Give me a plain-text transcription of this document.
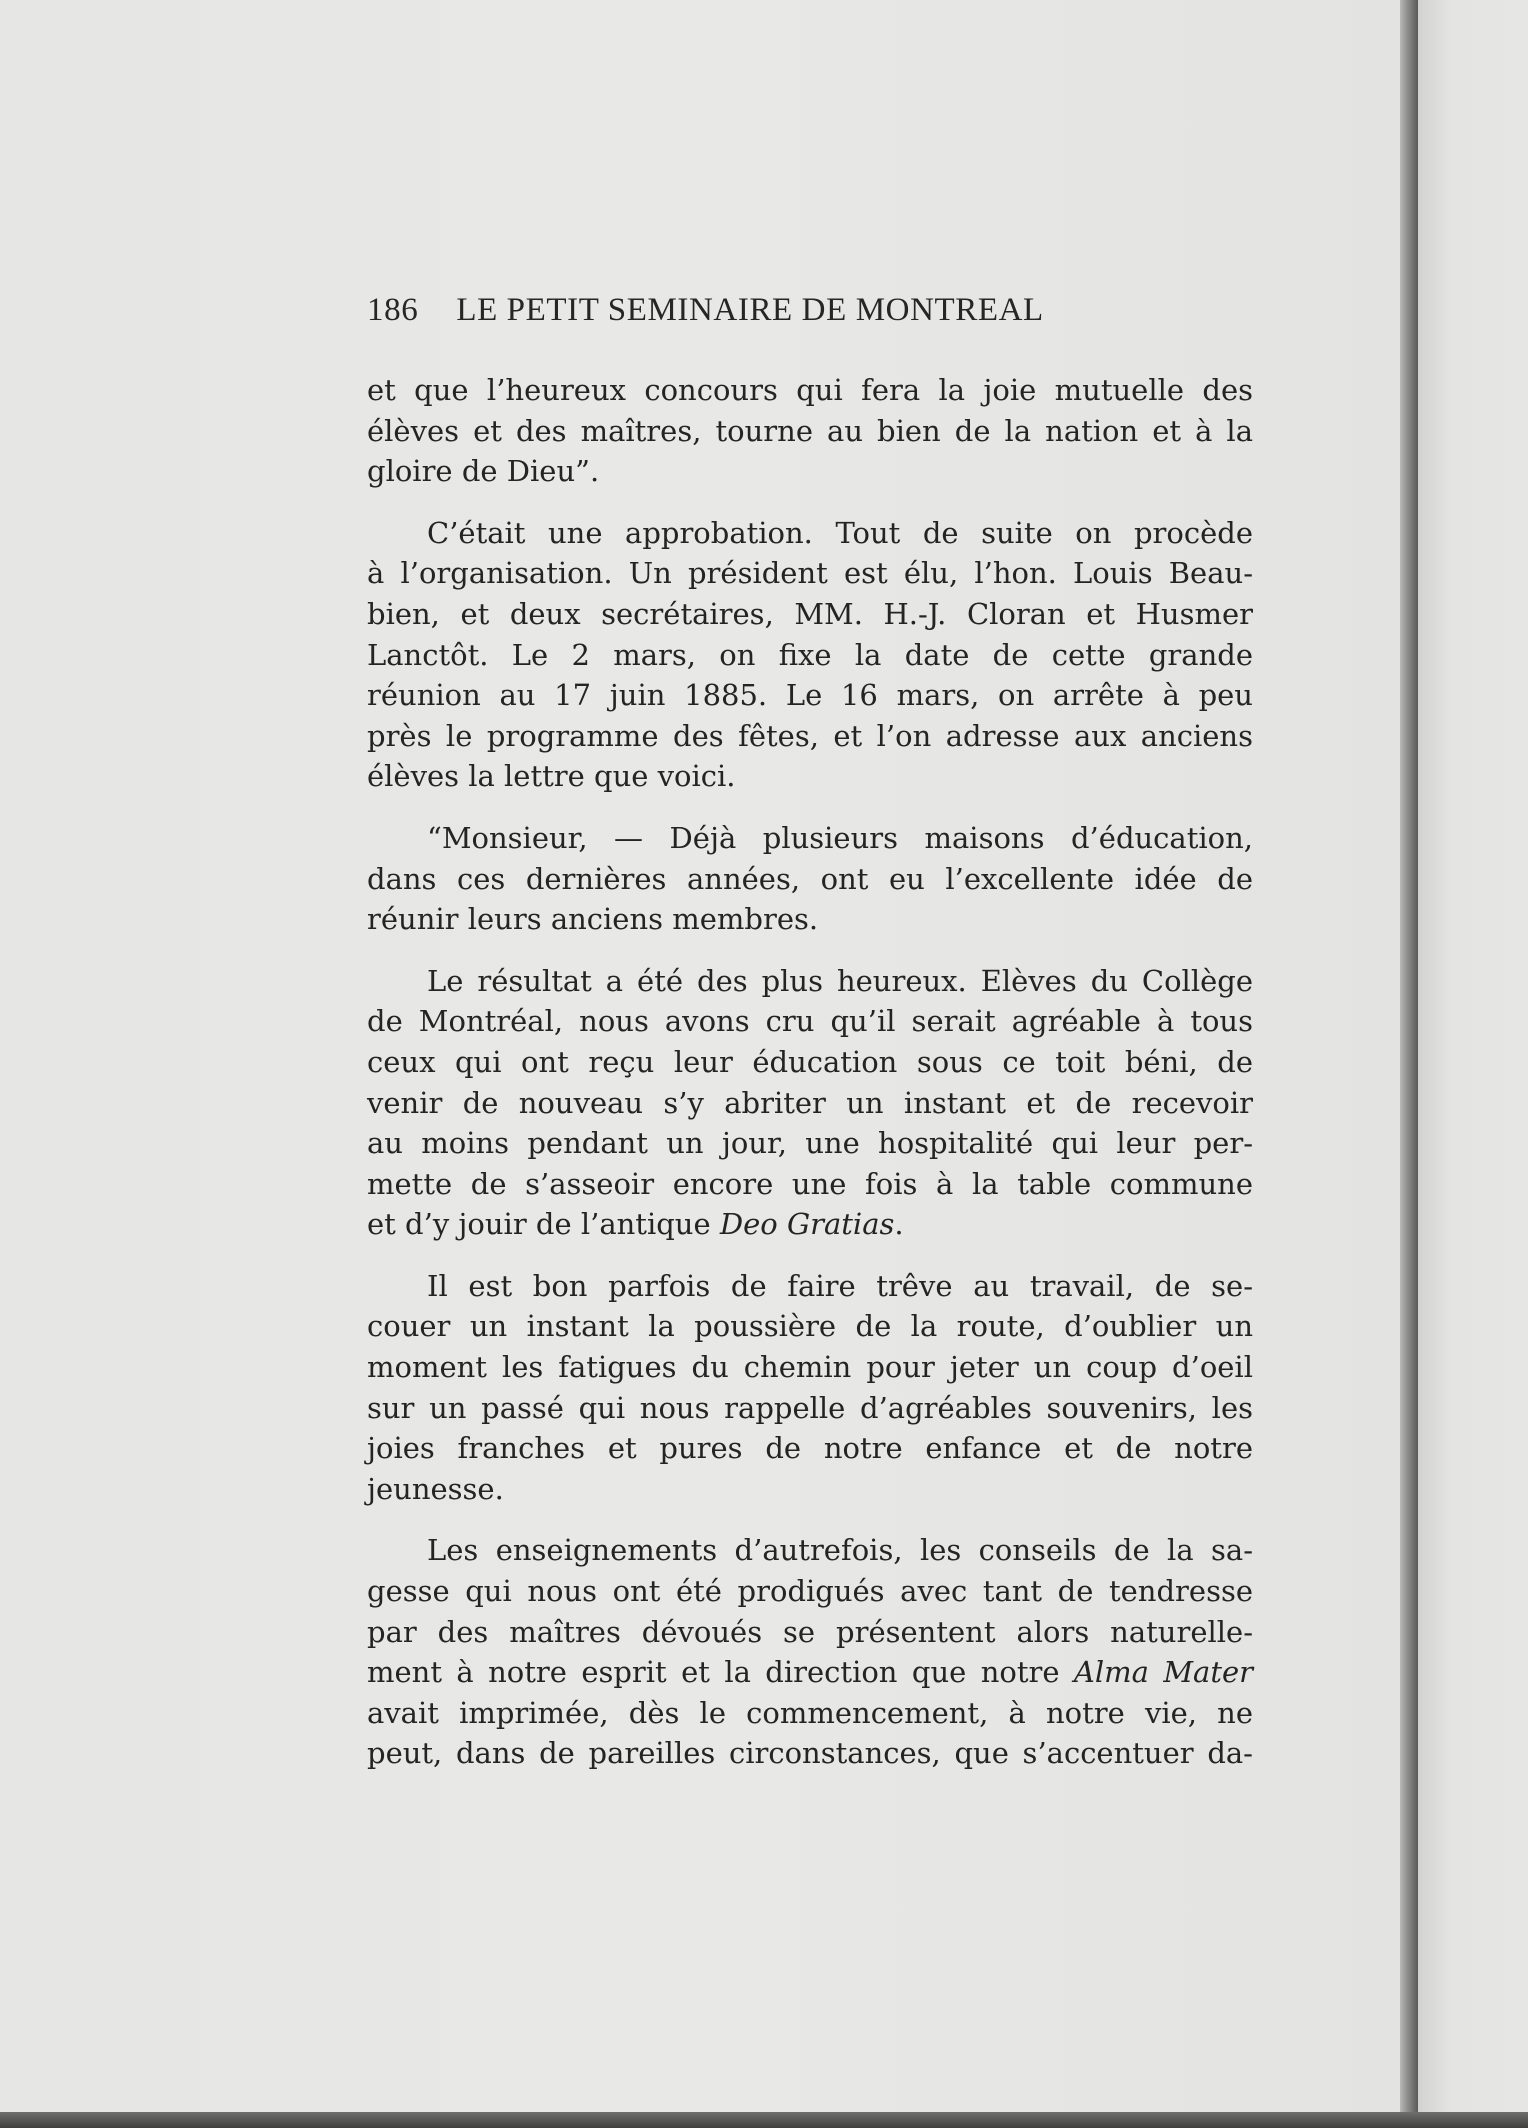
186 LE PETIT SEMINAIRE DE MONTREAL
et que l’heureux concours qui fera la joie mutuelle des
élèves et des maîtres, tourne au bien de la nation et à la
gloire de Dieu”.
C’était une approbation. Tout de suite on procède
à l’organisation. Un président est élu, l’hon. Louis Beau-
bien, et deux secrétaires, MM. H.-J. Cloran et Husmer
Lanctôt. Le 2 mars, on fixe la date de cette grande
réunion au 17 juin 1885. Le 16 mars, on arrête à peu
près le programme des fêtes, et l’on adresse aux anciens
élèves la lettre que voici.
“Monsieur, — Déjà plusieurs maisons d’éducation,
dans ces dernières années, ont eu l’excellente idée de
réunir leurs anciens membres.
Le résultat a été des plus heureux. Elèves du Collège
de Montréal, nous avons cru qu’il serait agréable à tous
ceux qui ont reçu leur éducation sous ce toit béni, de
venir de nouveau s’y abriter un instant et de recevoir
au moins pendant un jour, une hospitalité qui leur per-
mette de s’asseoir encore une fois à la table commune
et d’y jouir de l’antique Deo Gratias.
Il est bon parfois de faire trêve au travail, de se-
couer un instant la poussière de la route, d’oublier un
moment les fatigues du chemin pour jeter un coup d’oeil
sur un passé qui nous rappelle d’agréables souvenirs, les
joies franches et pures de notre enfance et de notre
jeunesse.
Les enseignements d’autrefois, les conseils de la sa-
gesse qui nous ont été prodigués avec tant de tendresse
par des maîtres dévoués se présentent alors naturelle-
ment à notre esprit et la direction que notre Alma Mater
avait imprimée, dès le commencement, à notre vie, ne
peut, dans de pareilles circonstances, que s’accentuer da-
